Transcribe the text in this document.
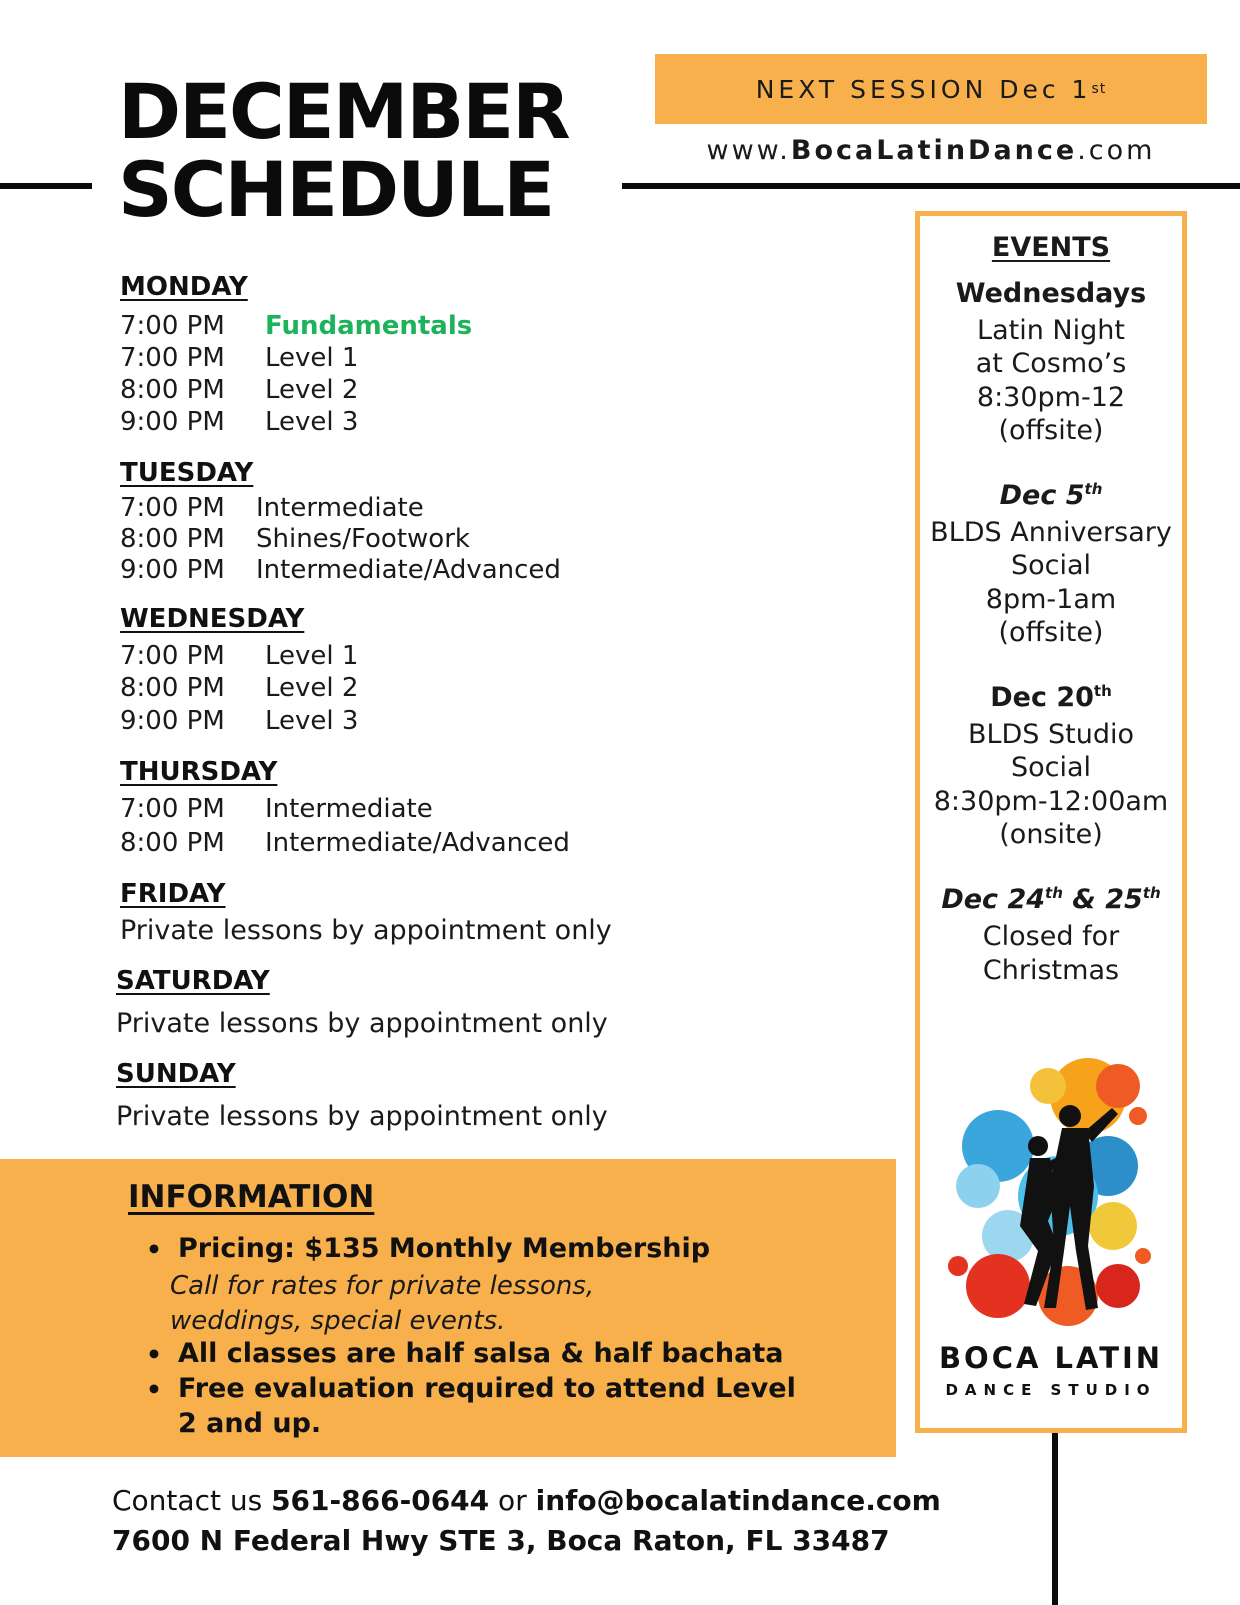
DECEMBER
SCHEDULE
NEXT SESSION Dec 1 st
www.BocaLatinDance.com
MONDAY
7:00 PM Fundamentals
7:00 PM Level 1
8:00 PM Level 2
9:00 PM Level 3
TUESDAY
7:00 PM Intermediate
8:00 PM Shines/Footwork
9:00 PM Intermediate/Advanced
WEDNESDAY
7:00 PM Level 1
8:00 PM Level 2
9:00 PM Level 3
THURSDAY
7:00 PM Intermediate
8:00 PM Intermediate/Advanced
FRIDAY
Private lessons by appointment only
SATURDAY
Private lessons by appointment only
SUNDAY
Private lessons by appointment only
EVENTS
Wednesdays
Latin Night
at Cosmo’s
8:30pm-12
(offsite)
Dec 5th
BLDS Anniversary
Social
8pm-1am
(offsite)
Dec 20th
BLDS Studio
Social
8:30pm-12:00am
(onsite)
Dec 24th & 25th
Closed for
Christmas
BOCA LATIN
DANCE STUDIO
INFORMATION
• Pricing: $135 Monthly Membership
Call for rates for private lessons,
weddings, special events.
• All classes are half salsa & half bachata
• Free evaluation required to attend Level
2 and up.
Contact us 561-866-0644 or info@bocalatindance.com
7600 N Federal Hwy STE 3, Boca Raton, FL 33487
